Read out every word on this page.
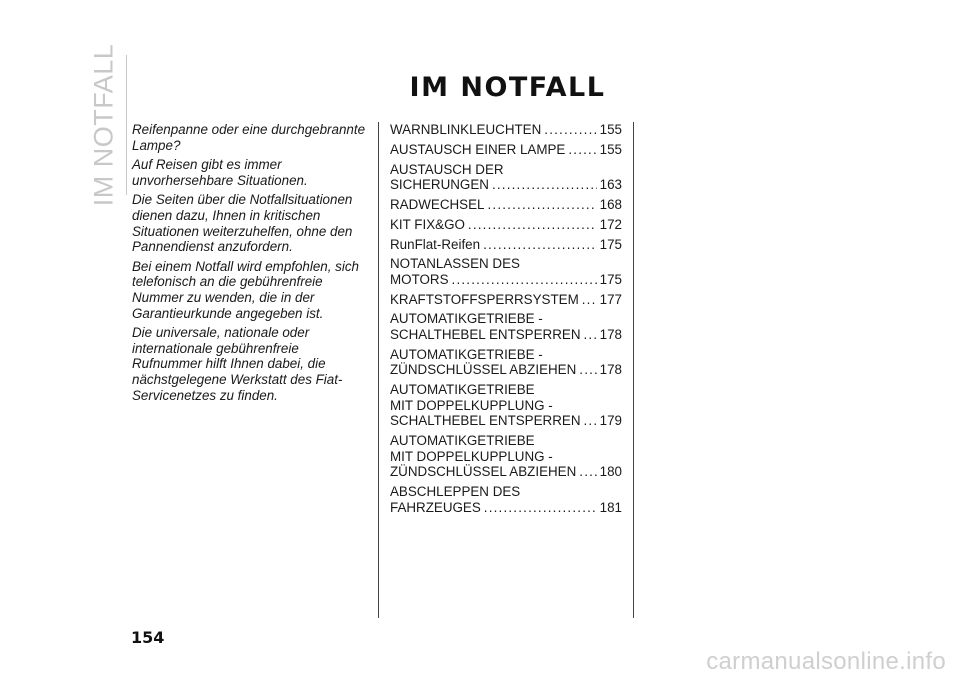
IM NOTFALL	IM NOTFALL

Reifenpanne oder eine durchgebrannte Lampe?

Auf Reisen gibt es immer unvorhersehbare Situationen.

Die Seiten über die Notfallsituationen dienen dazu, Ihnen in kritischen Situationen weiterzuhelfen, ohne den Pannendienst anzufordern.

Bei einem Notfall wird empfohlen, sich telefonisch an die gebührenfreie Nummer zu wenden, die in der Garantieurkunde angegeben ist.

Die universale, nationale oder internationale gebührenfreie Rufnummer hilft Ihnen dabei, die nächstgelegene Werkstatt des Fiat-Servicenetzes zu finden.

WARNBLINKLEUCHTEN .....	155
AUSTAUSCH EINER LAMPE .....	155
AUSTAUSCH DER
SICHERUNGEN .....	163
RADWECHSEL .....	168
KIT FIX&GO .....	172
RunFlat-Reifen .....	175
NOTANLASSEN DES
MOTORS .....	175
KRAFTSTOFFSPERRSYSTEM ..... 177
AUTOMATIKGETRIEBE -
SCHALTHEBEL ENTSPERREN ..... 178
AUTOMATIKGETRIEBE -
ZÜNDSCHLÜSSEL ABZIEHEN ..... 178
AUTOMATIKGETRIEBE
MIT DOPPELKUPPLUNG -
SCHALTHEBEL ENTSPERREN ..... 179
AUTOMATIKGETRIEBE
MIT DOPPELKUPPLUNG -
ZÜNDSCHLÜSSEL ABZIEHEN ..... 180
ABSCHLEPPEN DES
FAHRZEUGES .....	181
154
carmanualsonline.info
